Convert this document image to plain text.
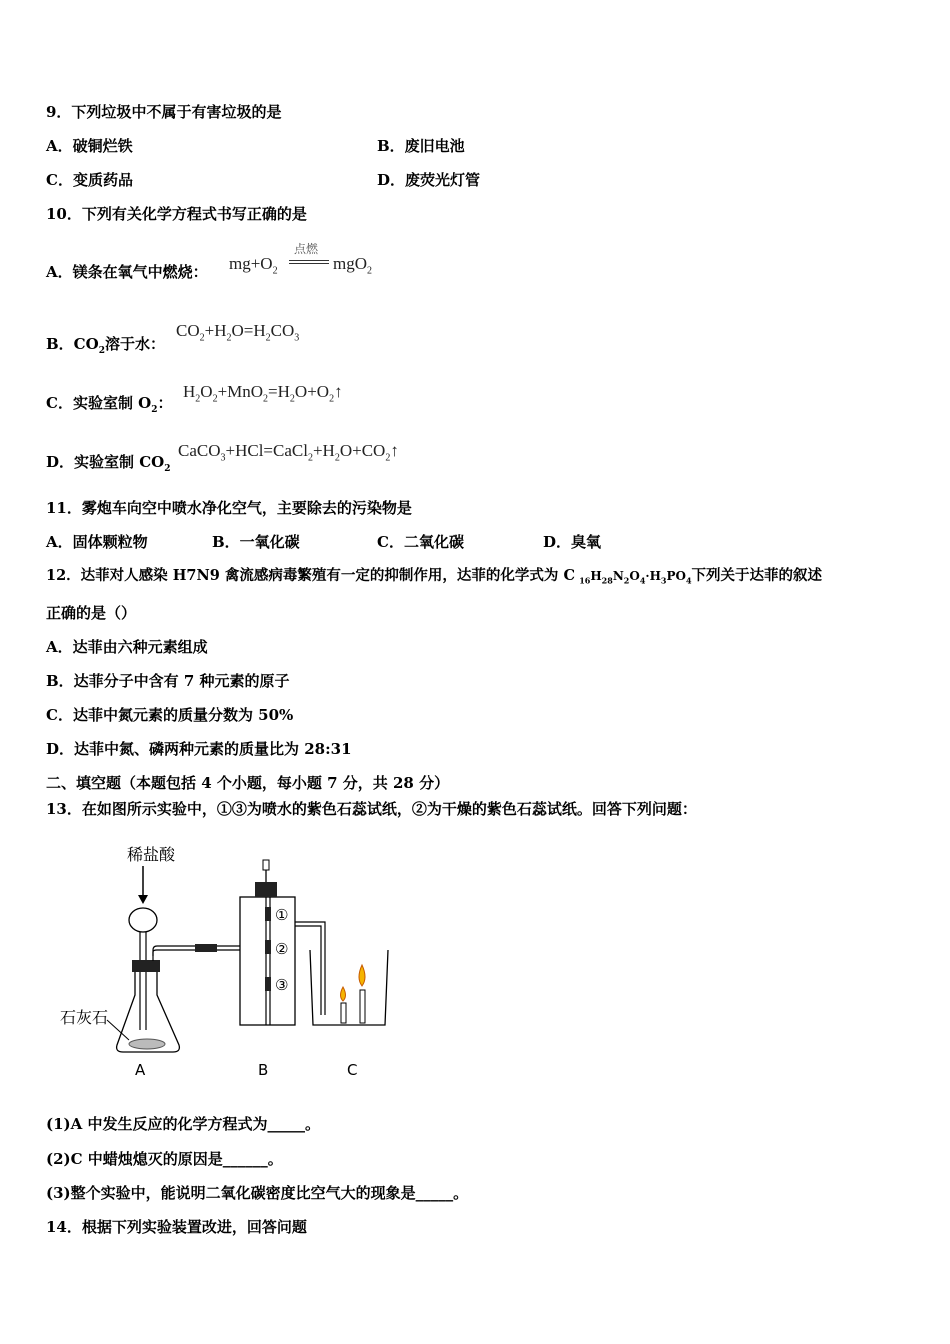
9．下列垃圾中不属于有害垃圾的是
A．破铜烂铁	B．废旧电池
C．变质药品	D．废荧光灯管
10．下列有关化学方程式书写正确的是
A．镁条在氧气中燃烧： $mg+O_2$
点燃
mgO$_2$
B．$CO_2$溶于水：
$CO_2+H_2O=H_2CO_3$
C．实验室制 $O_2$：
$H_2O_2+MnO_2=H_2O+O_2↑$
D．实验室制 $CO_2$
$CaCO_3+HCl=CaCl_2+H_2O+CO_2↑$
11．雾炮车向空中喷水净化空气，主要除去的污染物是
A．固体颗粒物	B．一氧化碳	C．二氧化碳	D．臭氧
12．达菲对人感染 H7N9 禽流感病毒繁殖有一定的抑制作用，达菲的化学式为 C $_{16}H_{28}N_2O_4\cdot H_3PO_4$下列关于达菲的叙述
正确的是（）
A．达菲由六种元素组成
B．达菲分子中含有 7 种元素的原子
C．达菲中氮元素的质量分数为 50%
D．达菲中氮、磷两种元素的质量比为 28:31
二、填空题（本题包括 4 个小题，每小题 7 分，共 28 分）
13．在如图所示实验中，①③为喷水的紫色石蕊试纸，②为干燥的紫色石蕊试纸。回答下列问题：
稀盐酸
石灰石
①
②
③
A	B	C
(1)A 中发生反应的化学方程式为_____。
(2)C 中蜡烛熄灭的原因是______。
(3)整个实验中，能说明二氧化碳密度比空气大的现象是_____。
14．根据下列实验装置改进，回答问题
